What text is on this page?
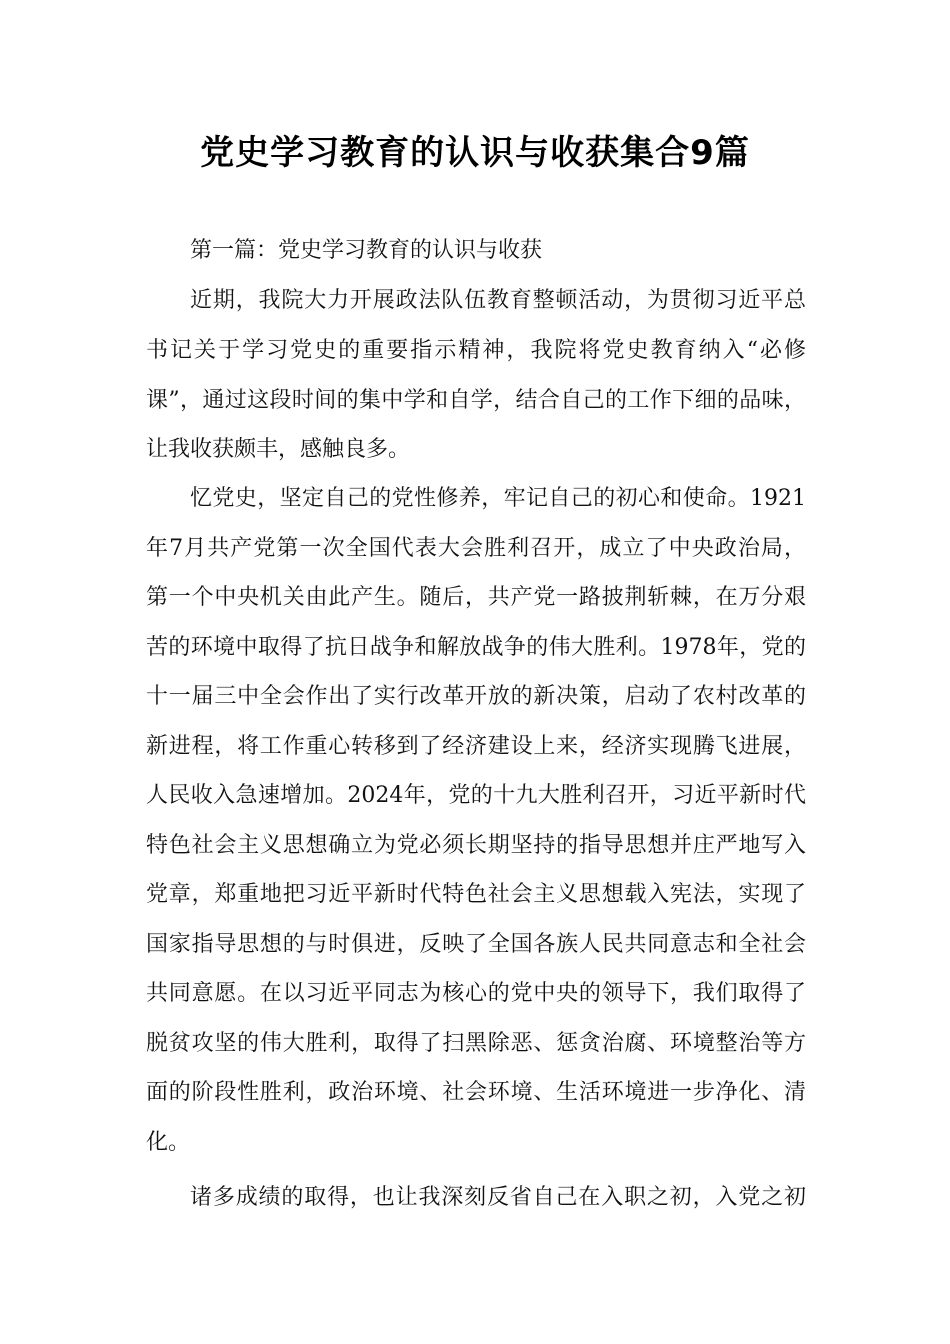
党史学习教育的认识与收获集合9篇
第一篇：党史学习教育的认识与收获
近期，我院大力开展政法队伍教育整顿活动，为贯彻习近平总
书记关于学习党史的重要指示精神，我院将党史教育纳入“必修
课”，通过这段时间的集中学和自学，结合自己的工作下细的品味，
让我收获颇丰，感触良多。
忆党史，坚定自己的党性修养，牢记自己的初心和使命。1921
年7月共产党第一次全国代表大会胜利召开，成立了中央政治局，
第一个中央机关由此产生。随后，共产党一路披荆斩棘，在万分艰
苦的环境中取得了抗日战争和解放战争的伟大胜利。1978年，党的
十一届三中全会作出了实行改革开放的新决策，启动了农村改革的
新进程，将工作重心转移到了经济建设上来，经济实现腾飞进展，
人民收入急速增加。2024年，党的十九大胜利召开，习近平新时代
特色社会主义思想确立为党必须长期坚持的指导思想并庄严地写入
党章，郑重地把习近平新时代特色社会主义思想载入宪法，实现了
国家指导思想的与时俱进，反映了全国各族人民共同意志和全社会
共同意愿。在以习近平同志为核心的党中央的领导下，我们取得了
脱贫攻坚的伟大胜利，取得了扫黑除恶、惩贪治腐、环境整治等方
面的阶段性胜利，政治环境、社会环境、生活环境进一步净化、清
化。
诸多成绩的取得，也让我深刻反省自己在入职之初，入党之初
